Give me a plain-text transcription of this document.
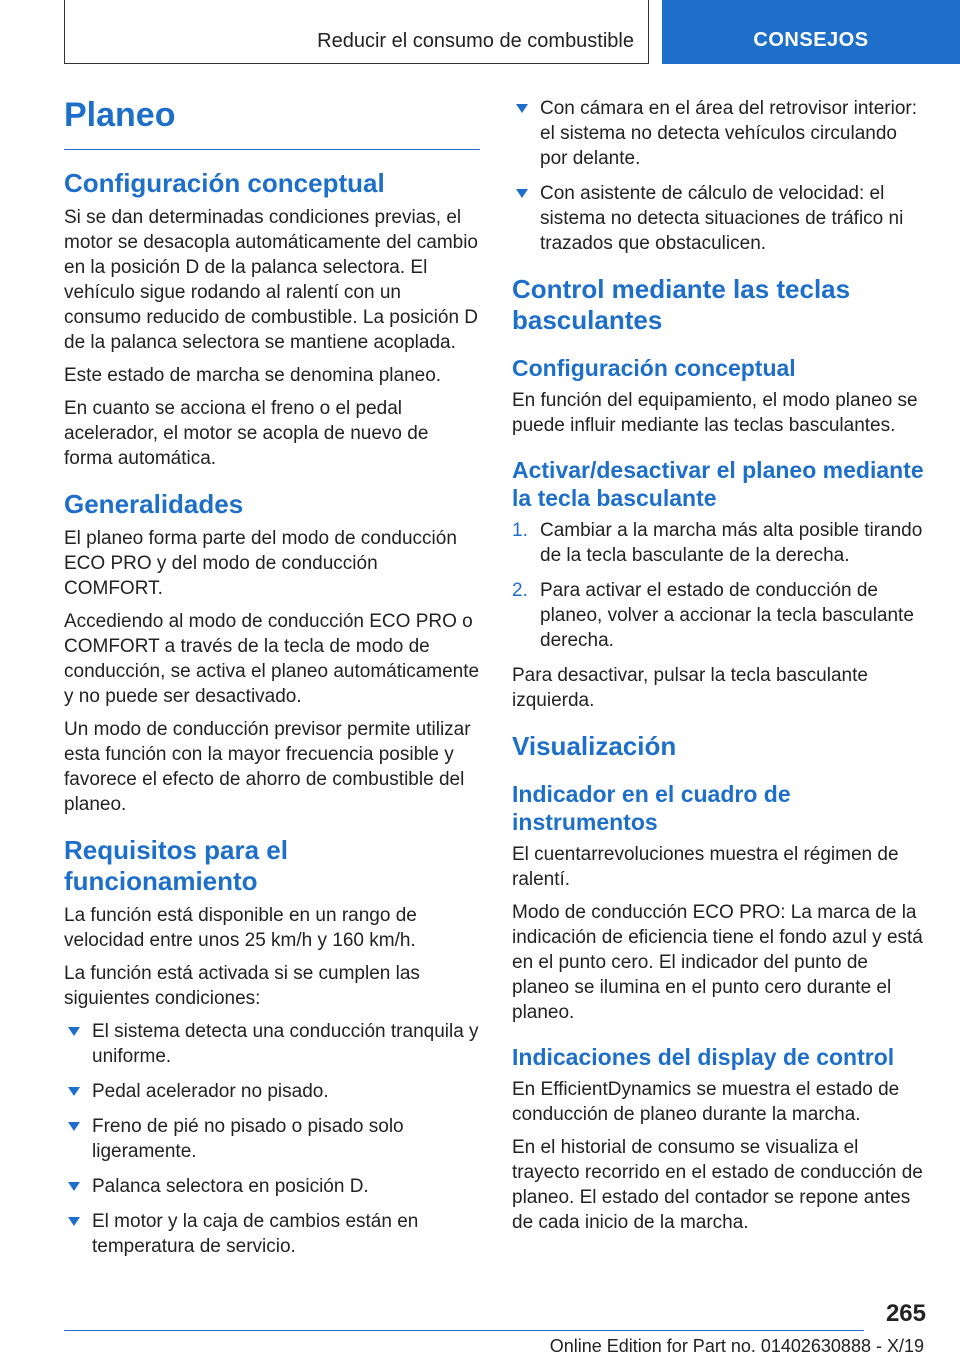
Reducir el consumo de combustible	CONSEJOS
Planeo
Configuración conceptual

Si se dan determinadas condiciones previas, el motor se desacopla automáticamente del cambio en la posición D de la palanca selectora. El vehículo sigue rodando al ralentí con un consumo reducido de combustible. La posición D de la palanca selectora se mantiene acoplada.

Este estado de marcha se denomina planeo.

En cuanto se acciona el freno o el pedal acelerador, el motor se acopla de nuevo de forma automática.

Generalidades

El planeo forma parte del modo de conducción ECO PRO y del modo de conducción COMFORT.

Accediendo al modo de conducción ECO PRO o COMFORT a través de la tecla de modo de conducción, se activa el planeo automáticamente y no puede ser desactivado.

Un modo de conducción previsor permite utilizar esta función con la mayor frecuencia posible y favorece el efecto de ahorro de combustible del planeo.

Requisitos para el funcionamiento

La función está disponible en un rango de velocidad entre unos 25 km/h y 160 km/h.

La función está activada si se cumplen las siguientes condiciones:

El sistema detecta una conducción tranquila y uniforme.
Pedal acelerador no pisado.
Freno de pié no pisado o pisado solo ligeramente.
Palanca selectora en posición D.
El motor y la caja de cambios están en temperatura de servicio.
Con cámara en el área del retrovisor interior: el sistema no detecta vehículos circulando por delante.
Con asistente de cálculo de velocidad: el sistema no detecta situaciones de tráfico ni trazados que obstaculicen.
Control mediante las teclas basculantes
Configuración conceptual

En función del equipamiento, el modo planeo se puede influir mediante las teclas basculantes.

Activar/desactivar el planeo mediante la tecla basculante
1. Cambiar a la marcha más alta posible tirando de la tecla basculante de la derecha.
2. Para activar el estado de conducción de planeo, volver a accionar la tecla basculante derecha.

Para desactivar, pulsar la tecla basculante izquierda.

Visualización
Indicador en el cuadro de instrumentos

El cuentarrevoluciones muestra el régimen de ralentí.

Modo de conducción ECO PRO: La marca de la indicación de eficiencia tiene el fondo azul y está en el punto cero. El indicador del punto de planeo se ilumina en el punto cero durante el planeo.

Indicaciones del display de control

En EfficientDynamics se muestra el estado de conducción de planeo durante la marcha.

En el historial de consumo se visualiza el trayecto recorrido en el estado de conducción de planeo. El estado del contador se repone antes de cada inicio de la marcha.

265
Online Edition for Part no. 01402630888 - X/19
